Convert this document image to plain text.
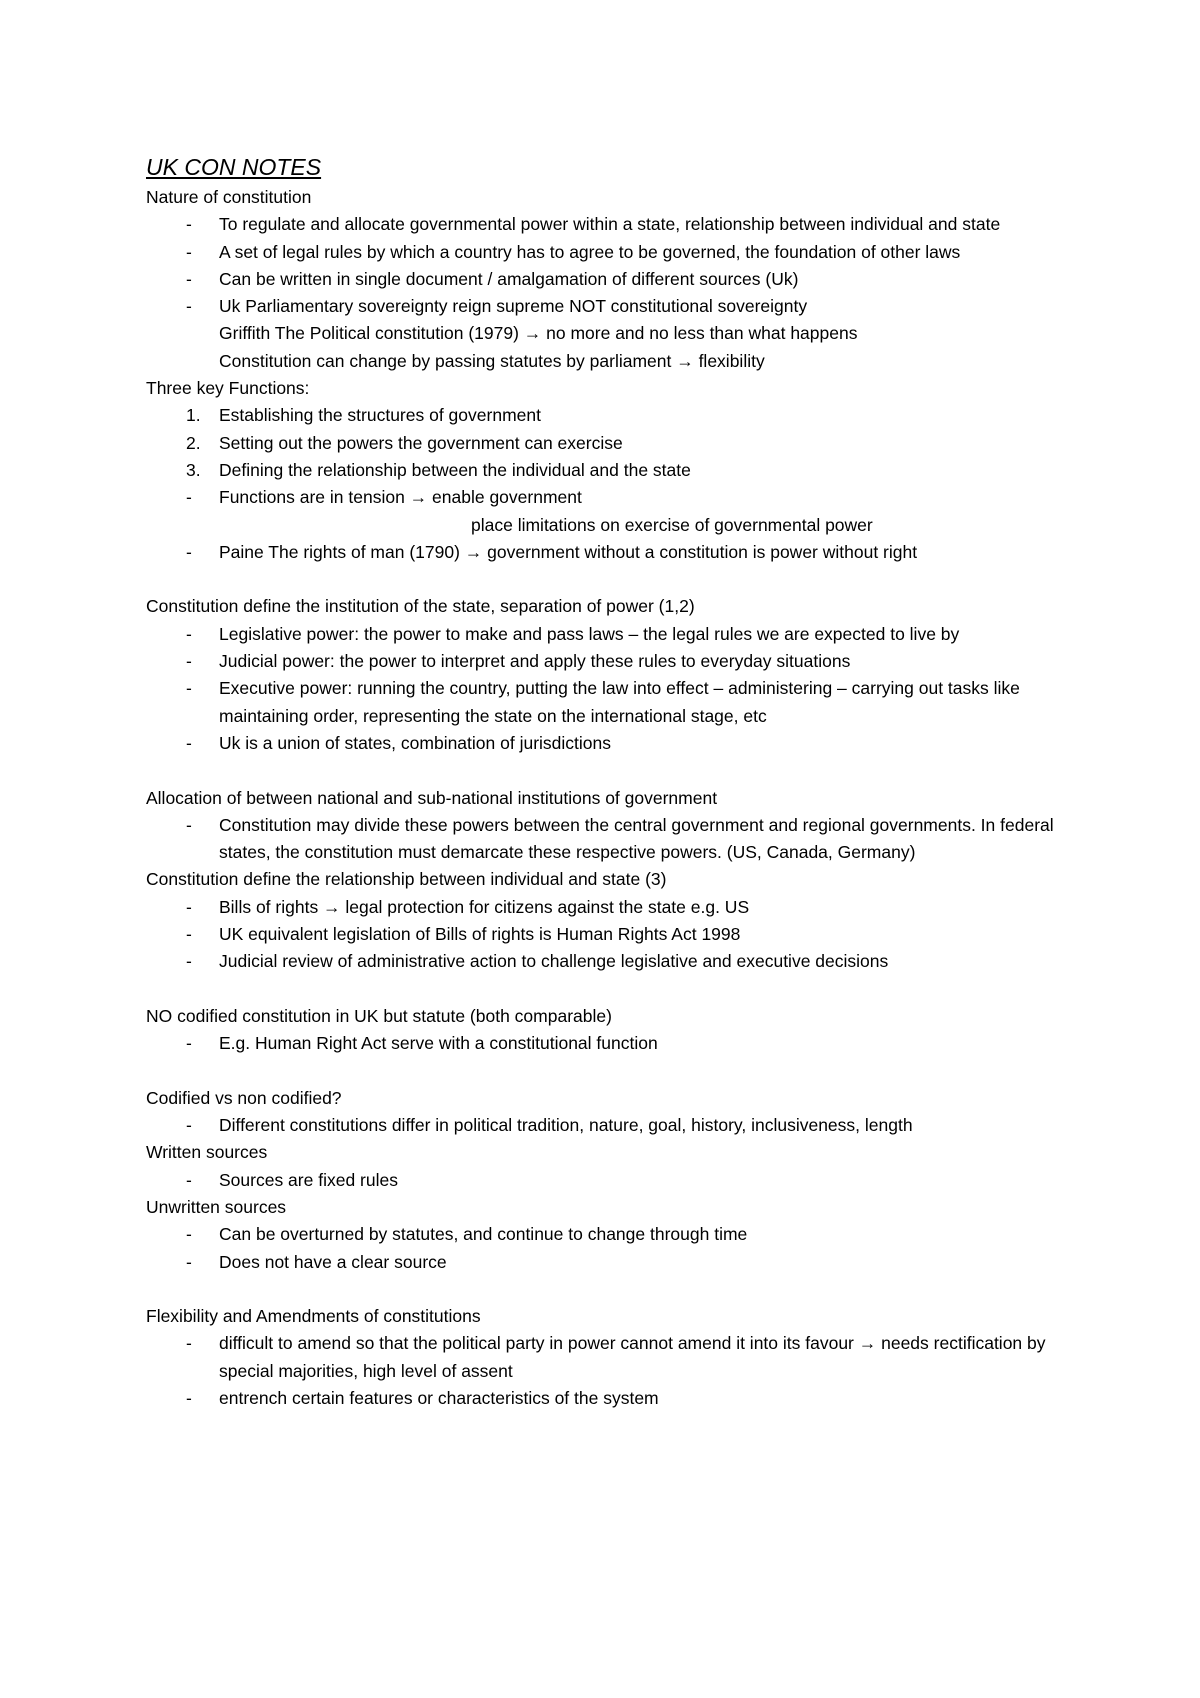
UK CON NOTES

Nature of constitution

- To regulate and allocate governmental power within a state, relationship between individual and state

- A set of legal rules by which a country has to agree to be governed, the foundation of other laws

- Can be written in single document / amalgamation of different sources (Uk)

- Uk Parliamentary sovereignty reign supreme NOT constitutional sovereignty

Griffith The Political constitution (1979) → no more and no less than what happens

Constitution can change by passing statutes by parliament → flexibility

Three key Functions:

1. Establishing the structures of government

2. Setting out the powers the government can exercise

3. Defining the relationship between the individual and the state

- Functions are in tension → enable government

place limitations on exercise of governmental power

- Paine The rights of man (1790) → government without a constitution is power without right

Constitution define the institution of the state, separation of power (1,2)

- Legislative power: the power to make and pass laws – the legal rules we are expected to live by

- Judicial power: the power to interpret and apply these rules to everyday situations

- Executive power: running the country, putting the law into effect – administering – carrying out tasks like maintaining order, representing the state on the international stage, etc

- Uk is a union of states, combination of jurisdictions

Allocation of between national and sub-national institutions of government

- Constitution may divide these powers between the central government and regional governments. In federal states, the constitution must demarcate these respective powers. (US, Canada, Germany)

Constitution define the relationship between individual and state (3)

- Bills of rights → legal protection for citizens against the state e.g. US

- UK equivalent legislation of Bills of rights is Human Rights Act 1998

- Judicial review of administrative action to challenge legislative and executive decisions

NO codified constitution in UK but statute (both comparable)

- E.g. Human Right Act serve with a constitutional function

Codified vs non codified?

- Different constitutions differ in political tradition, nature, goal, history, inclusiveness, length

Written sources

- Sources are fixed rules

Unwritten sources

- Can be overturned by statutes, and continue to change through time

- Does not have a clear source

Flexibility and Amendments of constitutions

- difficult to amend so that the political party in power cannot amend it into its favour → needs rectification by special majorities, high level of assent

- entrench certain features or characteristics of the system
